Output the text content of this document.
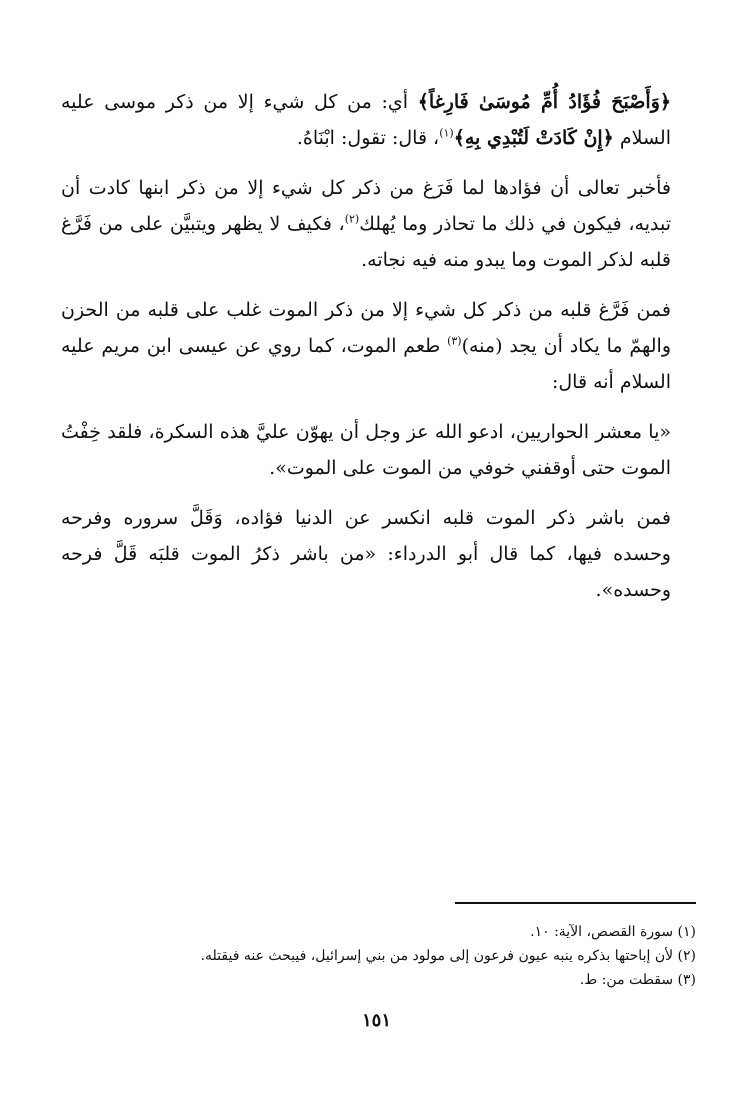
﴿وَأَصْبَحَ فُؤَادُ أُمِّ مُوسَىٰ فَارِغاً﴾ أي: من كل شيء إلا من ذكر موسى عليه السلام ﴿إِنْ كَادَتْ لَتُبْدِي بِهِ﴾$^{(١)}$، قال: تقول: ابْنَاهُ.

فأخبر تعالى أن فؤادها لما فَرَغ من ذكر كل شيء إلا من ذكر ابنها كادت أن تبديه، فيكون في ذلك ما تحاذر وما يُهلك$^{(٢)}$، فكيف لا يظهر ويتبيَّن على من فَرَّغ قلبه لذكر الموت وما يبدو منه فيه نجاته.

فمن فَرَّغ قلبه من ذكر كل شيء إلا من ذكر الموت غلب على قلبه من الحزن والهمّ ما يكاد أن يجد (منه)$^{(٣)}$ طعم الموت، كما روي عن عيسى ابن مريم عليه السلام أنه قال:

«يا معشر الحواريين، ادعو الله عز وجل أن يهوّن عليَّ هذه السكرة، فلقد خِفْتُ الموت حتى أوقفني خوفي من الموت على الموت».

فمن باشر ذكر الموت قلبه انكسر عن الدنيا فؤاده، وَقَلَّ سروره وفرحه وحسده فيها، كما قال أبو الدرداء: «من باشر ذكرُ الموت قلبَه قَلَّ فرحه وحسده».

(١) سورة القصص، الآية: ١٠.

(٢) لأن إباحتها بذكره ينبه عيون فرعون إلى مولود من بني إسرائيل، فيبحث عنه فيقتله.

(٣) سقطت من: ط.

١٥١
